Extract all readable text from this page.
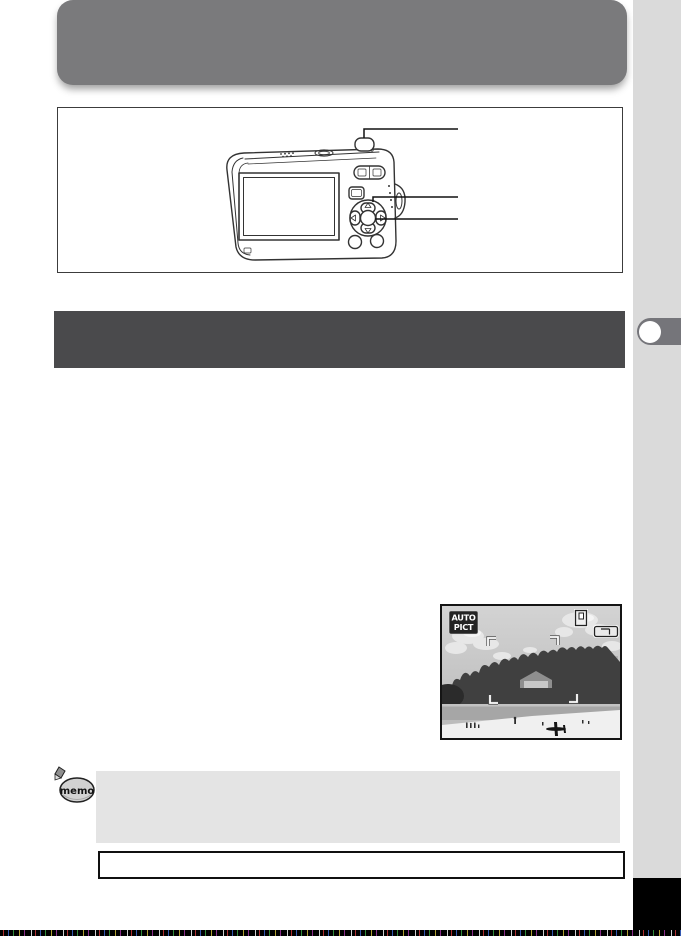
AUTO
PICT
memo
